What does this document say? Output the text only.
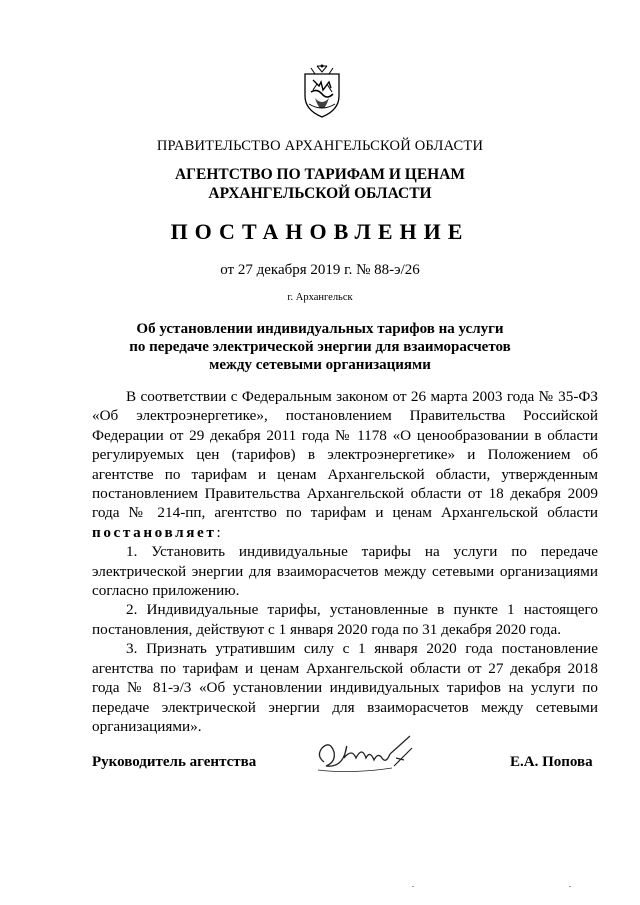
ПРАВИТЕЛЬСТВО АРХАНГЕЛЬСКОЙ ОБЛАСТИ
АГЕНТСТВО ПО ТАРИФАМ И ЦЕНАМ
АРХАНГЕЛЬСКОЙ ОБЛАСТИ
ПОСТАНОВЛЕНИЕ
от 27 декабря 2019 г. № 88-э/26
г. Архангельск
Об установлении индивидуальных тарифов на услуги
по передаче электрической энергии для взаиморасчетов
между сетевыми организациями

В соответствии с Федеральным законом от 26 марта 2003 года № 35-ФЗ «Об электроэнергетике», постановлением Правительства Российской Федерации от 29 декабря 2011 года № 1178 «О ценообразовании в области регулируемых цен (тарифов) в электроэнергетике» и Положением об агентстве по тарифам и ценам Архангельской области, утвержденным постановлением Правительства Архангельской области от 18 декабря 2009 года № 214-пп, агентство по тарифам и ценам Архангельской области постановляет:

1. Установить индивидуальные тарифы на услуги по передаче электрической энергии для взаиморасчетов между сетевыми организациями согласно приложению.

2. Индивидуальные тарифы, установленные в пункте 1 настоящего постановления, действуют с 1 января 2020 года по 31 декабря 2020 года.

3. Признать утратившим силу с 1 января 2020 года постановление агентства по тарифам и ценам Архангельской области от 27 декабря 2018 года № 81-э/3 «Об установлении индивидуальных тарифов на услуги по передаче электрической энергии для взаиморасчетов между сетевыми организациями».

Руководитель агентства	Е.А. Попова
